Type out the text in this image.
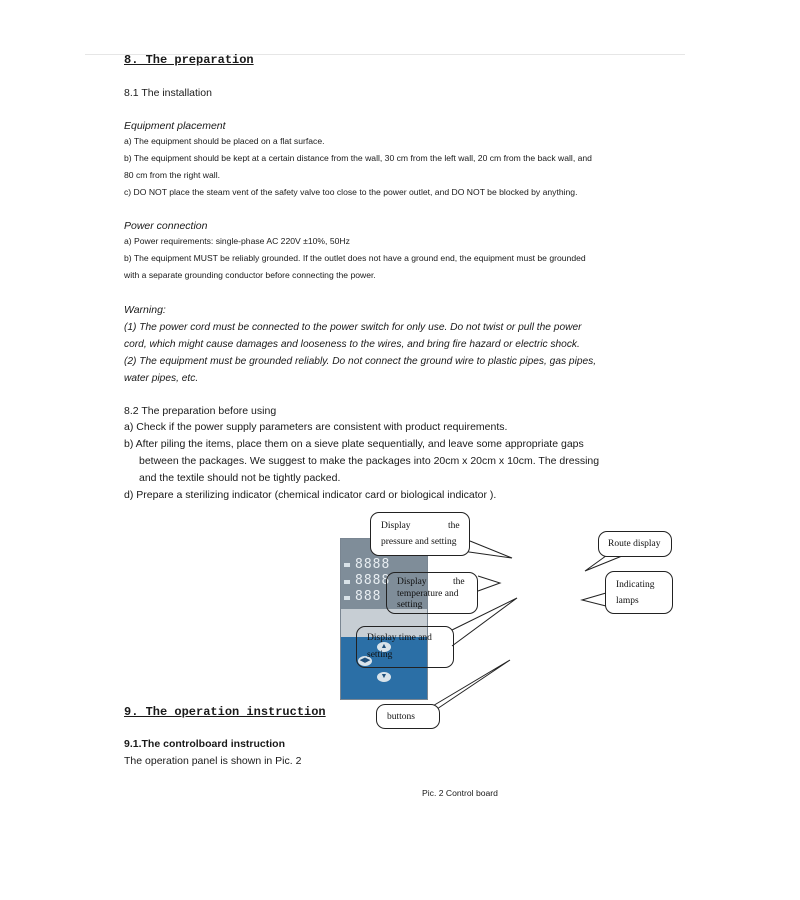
8. The preparation
8.1 The installation
Equipment placement
a) The equipment should be placed on a flat surface.
b) The equipment should be kept at a certain distance from the wall, 30 cm from the left wall, 20 cm from the back wall, and
80 cm from the right wall.
c) DO NOT place the steam vent of the safety valve too close to the power outlet, and DO NOT be blocked by anything.
Power connection
a) Power requirements: single-phase AC 220V ±10%, 50Hz
b) The equipment MUST be reliably grounded. If the outlet does not have a ground end, the equipment must be grounded
with a separate grounding conductor before connecting the power.
Warning:
(1) The power cord must be connected to the power switch for only use. Do not twist or pull the power
cord, which might cause damages and looseness to the wires, and bring fire hazard or electric shock.
(2) The equipment must be grounded reliably. Do not connect the ground wire to plastic pipes, gas pipes,
water pipes, etc.
8.2 The preparation before using
a) Check if the power supply parameters are consistent with product requirements.
b) After piling the items, place them on a sieve plate sequentially, and leave some appropriate gaps
between the packages. We suggest to make the packages into 20cm x 20cm x 10cm. The dressing
and the textile should not be tightly packed.
d) Prepare a sterilizing indicator (chemical indicator card or biological indicator ).
8888
8888
888
▲
◀▶
▼
Display	the
pressure and setting
Display	the
temperature and
setting
Display time and
setting
Route display
Indicating
lamps
buttons
9. The operation instruction
9.1.The controlboard instruction
The operation panel is shown in Pic. 2
Pic. 2 Control board
